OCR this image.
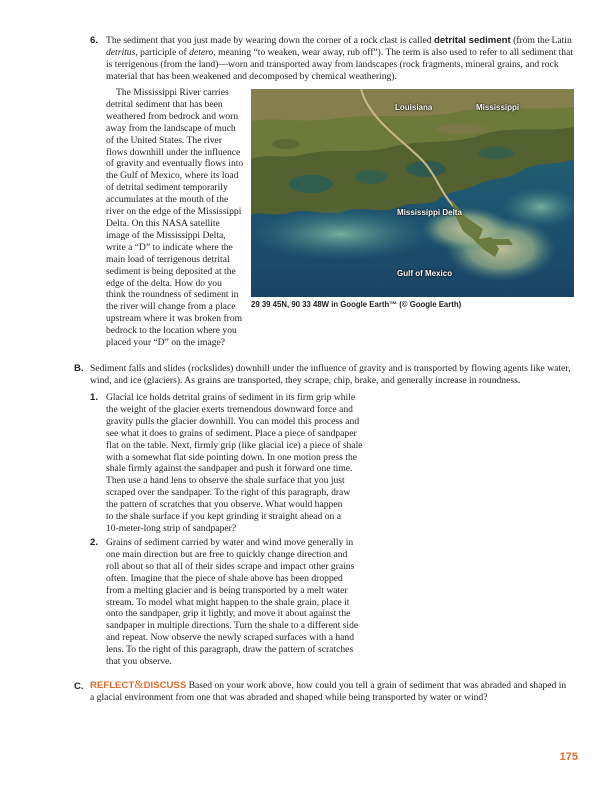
6. The sediment that you just made by wearing down the corner of a rock clast is called detrital sediment (from the Latin

detritus, participle of detero, meaning “to weaken, wear away, rub off”). The term is also used to refer to all sediment that

is terrigenous (from the land)—worn and transported away from landscapes (rock fragments, mineral grains, and rock

material that has been weakened and decomposed by chemical weathering).

The Mississippi River carries

detrital sediment that has been

weathered from bedrock and worn

away from the landscape of much

of the United States. The river

flows downhill under the influence

of gravity and eventually flows into

the Gulf of Mexico, where its load

of detrital sediment temporarily

accumulates at the mouth of the

river on the edge of the Mississippi

Delta. On this NASA satellite

image of the Mississippi Delta,

write a “D” to indicate where the

main load of terrigenous detrital

sediment is being deposited at the

edge of the delta. How do you

think the roundness of sediment in

the river will change from a place

upstream where it was broken from

bedrock to the location where you

placed your “D” on the image?

Louisiana	Mississippi
Mississippi Delta
Gulf of Mexico
29 39 45N, 90 33 48W in Google Earth™ (© Google Earth)
B. Sediment falls and slides (rockslides) downhill under the influence of gravity and is transported by flowing agents like water,

wind, and ice (glaciers). As grains are transported, they scrape, chip, brake, and generally increase in roundness.

1. Glacial ice holds detrital grains of sediment in its firm grip while

the weight of the glacier exerts tremendous downward force and

gravity pulls the glacier downhill. You can model this process and

see what it does to grains of sediment. Place a piece of sandpaper

flat on the table. Next, firmly grip (like glacial ice) a piece of shale

with a somewhat flat side pointing down. In one motion press the

shale firmly against the sandpaper and push it forward one time.

Then use a hand lens to observe the shale surface that you just

scraped over the sandpaper. To the right of this paragraph, draw

the pattern of scratches that you observe. What would happen

to the shale surface if you kept grinding it straight ahead on a

10-meter-long strip of sandpaper?

2. Grains of sediment carried by water and wind move generally in

one main direction but are free to quickly change direction and

roll about so that all of their sides scrape and impact other grains

often. Imagine that the piece of shale above has been dropped

from a melting glacier and is being transported by a melt water

stream. To model what might happen to the shale grain, place it

onto the sandpaper, grip it lightly, and move it about against the

sandpaper in multiple directions. Turn the shale to a different side

and repeat. Now observe the newly scraped surfaces with a hand

lens. To the right of this paragraph, draw the pattern of scratches

that you observe.

C. REFLECT&DISCUSS Based on your work above, how could you tell a grain of sediment that was abraded and shaped in

a glacial environment from one that was abraded and shaped while being transported by water or wind?

175
